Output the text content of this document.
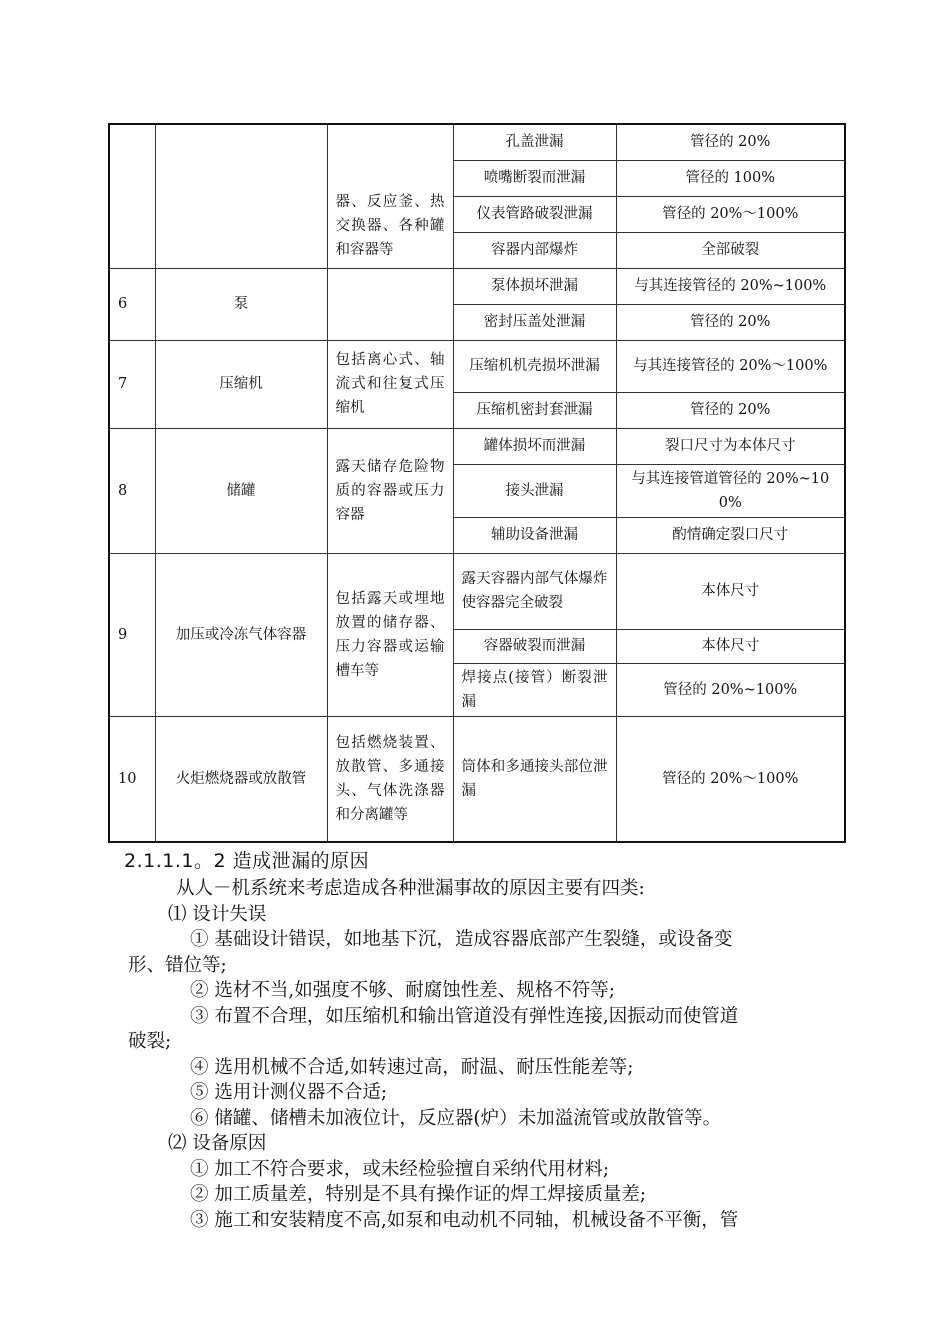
		器、反应釜、热交换器、各种罐和容器等	孔盖泄漏	管径的 20%
			喷嘴断裂而泄漏	管径的 100%
			仪表管路破裂泄漏	管径的 20%～100%
			容器内部爆炸	全部破裂
6	泵		泵体损坏泄漏	与其连接管径的 20%~100%
			密封压盖处泄漏	管径的 20%
7	压缩机	包括离心式、轴流式和往复式压缩机	压缩机机壳损坏泄漏	与其连接管径的 20%～100%
			压缩机密封套泄漏	管径的 20%
8	储罐	露天储存危险物质的容器或压力容器	罐体损坏而泄漏	裂口尺寸为本体尺寸
			接头泄漏	与其连接管道管径的 20%~100%
			辅助设备泄漏	酌情确定裂口尺寸
9	加压或冷冻气体容器	包括露天或埋地放置的储存器、压力容器或运输槽车等	露天容器内部气体爆炸使容器完全破裂	本体尺寸
			容器破裂而泄漏	本体尺寸
			焊接点(接管）断裂泄漏	管径的 20%~100%
10	火炬燃烧器或放散管	包括燃烧装置、放散管、多通接头、气体洗涤器和分离罐等	筒体和多通接头部位泄漏	管径的 20%～100%
2.1.1.1。2 造成泄漏的原因

从人－机系统来考虑造成各种泄漏事故的原因主要有四类:

⑴ 设计失误

① 基础设计错误，如地基下沉，造成容器底部产生裂缝，或设备变

形、错位等;

② 选材不当,如强度不够、耐腐蚀性差、规格不符等;

③ 布置不合理，如压缩机和输出管道没有弹性连接,因振动而使管道

破裂;

④ 选用机械不合适,如转速过高，耐温、耐压性能差等;

⑤ 选用计测仪器不合适;

⑥ 储罐、储槽未加液位计，反应器(炉）未加溢流管或放散管等。

⑵ 设备原因

① 加工不符合要求，或未经检验擅自采纳代用材料;

② 加工质量差，特别是不具有操作证的焊工焊接质量差;

③ 施工和安装精度不高,如泵和电动机不同轴，机械设备不平衡，管
